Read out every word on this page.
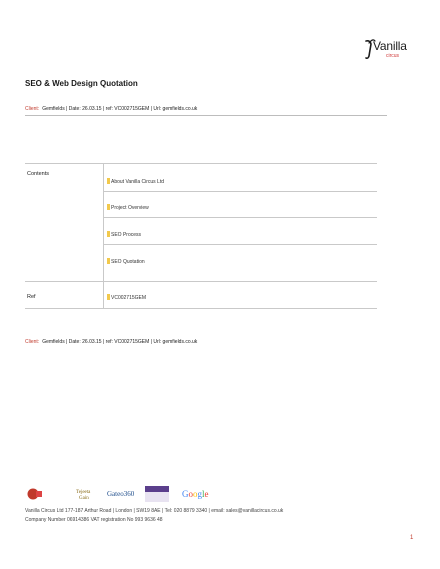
Vanilla
circus
SEO & Web Design Quotation
Client: Gemfields | Date: 26.03.15 | ref: VC002715GEM | Url: gemfields.co.uk
Contents
About Vanilla Circus Ltd
Project Overview
SEO Process
SEO Quotation
Ref	VC002715GEM
Client: Gemfields | Date: 26.03.15 | ref: VC002715GEM | Url: gemfields.co.uk
Tejeeta
Gain
Gateo360	Google
Vanilla Circus Ltd 177-187 Arthur Road | London | SW19 8AE | Tel: 020 8879 3340 | email: sales@vanillacircus.co.uk
Company Number 06914386 VAT registration No 993 9636 48
1
